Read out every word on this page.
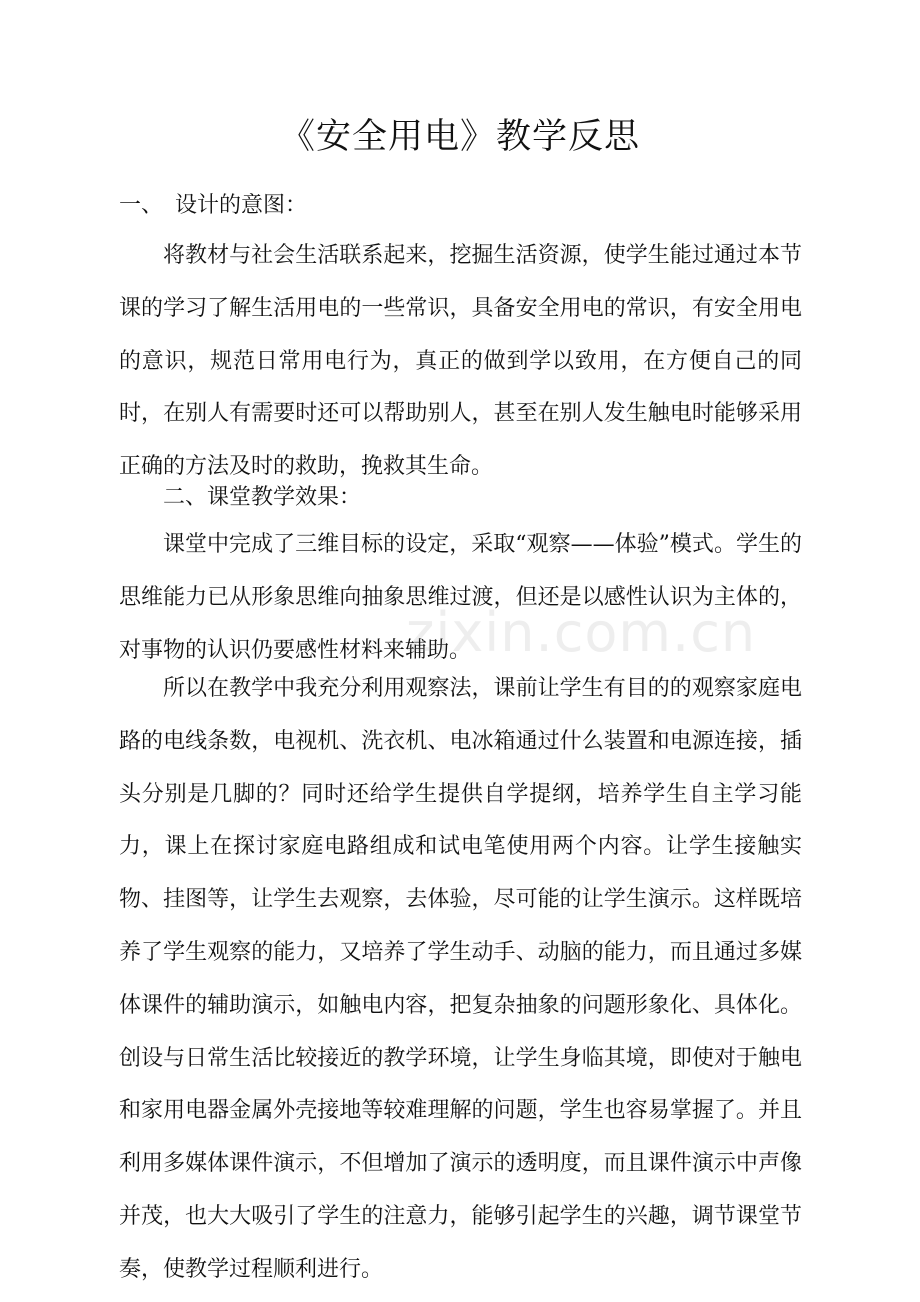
《安全用电》教学反思

一、 设计的意图：

将教材与社会生活联系起来，挖掘生活资源，使学生能过通过本节课的学习了解生活用电的一些常识，具备安全用电的常识，有安全用电的意识，规范日常用电行为，真正的做到学以致用，在方便自己的同时，在别人有需要时还可以帮助别人，甚至在别人发生触电时能够采用正确的方法及时的救助，挽救其生命。

二、课堂教学效果：

课堂中完成了三维目标的设定，采取“观察——体验”模式。学生的思维能力已从形象思维向抽象思维过渡，但还是以感性认识为主体的，对事物的认识仍要感性材料来辅助。

所以在教学中我充分利用观察法，课前让学生有目的的观察家庭电路的电线条数，电视机、洗衣机、电冰箱通过什么装置和电源连接，插头分别是几脚的？同时还给学生提供自学提纲，培养学生自主学习能力，课上在探讨家庭电路组成和试电笔使用两个内容。让学生接触实物、挂图等，让学生去观察，去体验，尽可能的让学生演示。这样既培养了学生观察的能力，又培养了学生动手、动脑的能力，而且通过多媒体课件的辅助演示，如触电内容，把复杂抽象的问题形象化、具体化。创设与日常生活比较接近的教学环境，让学生身临其境，即使对于触电和家用电器金属外壳接地等较难理解的问题，学生也容易掌握了。并且利用多媒体课件演示，不但增加了演示的透明度，而且课件演示中声像并茂，也大大吸引了学生的注意力，能够引起学生的兴趣，调节课堂节奏，使教学过程顺利进行。

zixin.com.cn
